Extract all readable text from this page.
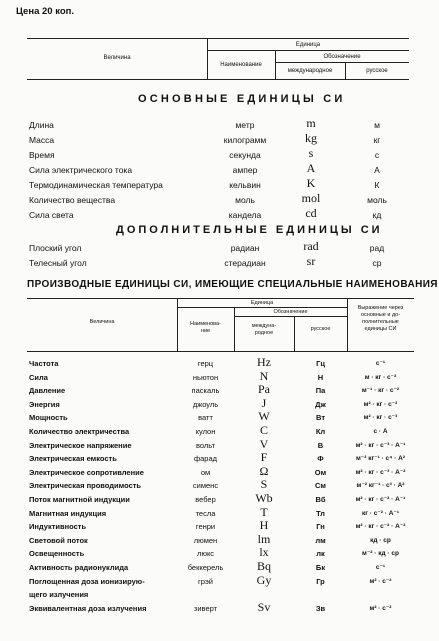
Цена 20 коп.
Величина
Единица
Наименование
Обозначение
международное	русское
ОСНОВНЫЕ ЕДИНИЦЫ СИ
Длина	метр	m	м
Масса	килограмм	kg	кг
Время	секунда	s	с
Сила электрического тока	ампер	A	А
Термодинамическая температура	кельвин	K	К
Количество вещества	моль	mol	моль
Сила света	кандела	cd	кд
ДОПОЛНИТЕЛЬНЫЕ ЕДИНИЦЫ СИ
Плоский угол	радиан	rad	рад
Телесный угол	стерадиан	sr	ср
ПРОИЗВОДНЫЕ ЕДИНИЦЫ СИ, ИМЕЮЩИЕ СПЕЦИАЛЬНЫЕ НАИМЕНОВАНИЯ
Величина
Единица
Наименова-
ние
Обозначение
междуна-
родное
русское
Выражение через
основные и до-
полнительные
единицы СИ
Частота	герц	Hz	Гц	с⁻¹
Сила	ньютон	N	Н	м · кг · с⁻²
Давление	паскаль	Pa	Па	м⁻¹ · кг · с⁻²
Энергия	джоуль	J	Дж	м² · кг · с⁻²
Мощность	ватт	W	Вт	м² · кг · с⁻³
Количество электричества	кулон	C	Кл	с · А
Электрическое напряжение	вольт	V	В	м² · кг · с⁻³ · А⁻¹
Электрическая емкость	фарад	F	Ф	м⁻² кг⁻¹ · с⁴ · А²
Электрическое сопротивление	ом	Ω	Ом	м² · кг · с⁻³ · А⁻²
Электрическая проводимость	сименс	S	См	м⁻² кг⁻¹ · с³ · А²
Поток магнитной индукции	вебер	Wb	Вб	м² · кг · с⁻² · А⁻¹
Магнитная индукция	тесла	T	Тл	кг · с⁻² · А⁻¹
Индуктивность	генри	H	Гн	м² · кг · с⁻² · А⁻²
Световой поток	люмен	lm	лм	кд · ср
Освещенность	люкс	lx	лк	м⁻² · кд · ср
Активность радионуклида	беккерель	Bq	Бк	с⁻¹
Поглощенная доза ионизирую-	грэй	Gy	Гр	м² · с⁻²
щего излучения
Эквивалентная доза излучения	зиверт	Sv	Зв	м² · с⁻²
